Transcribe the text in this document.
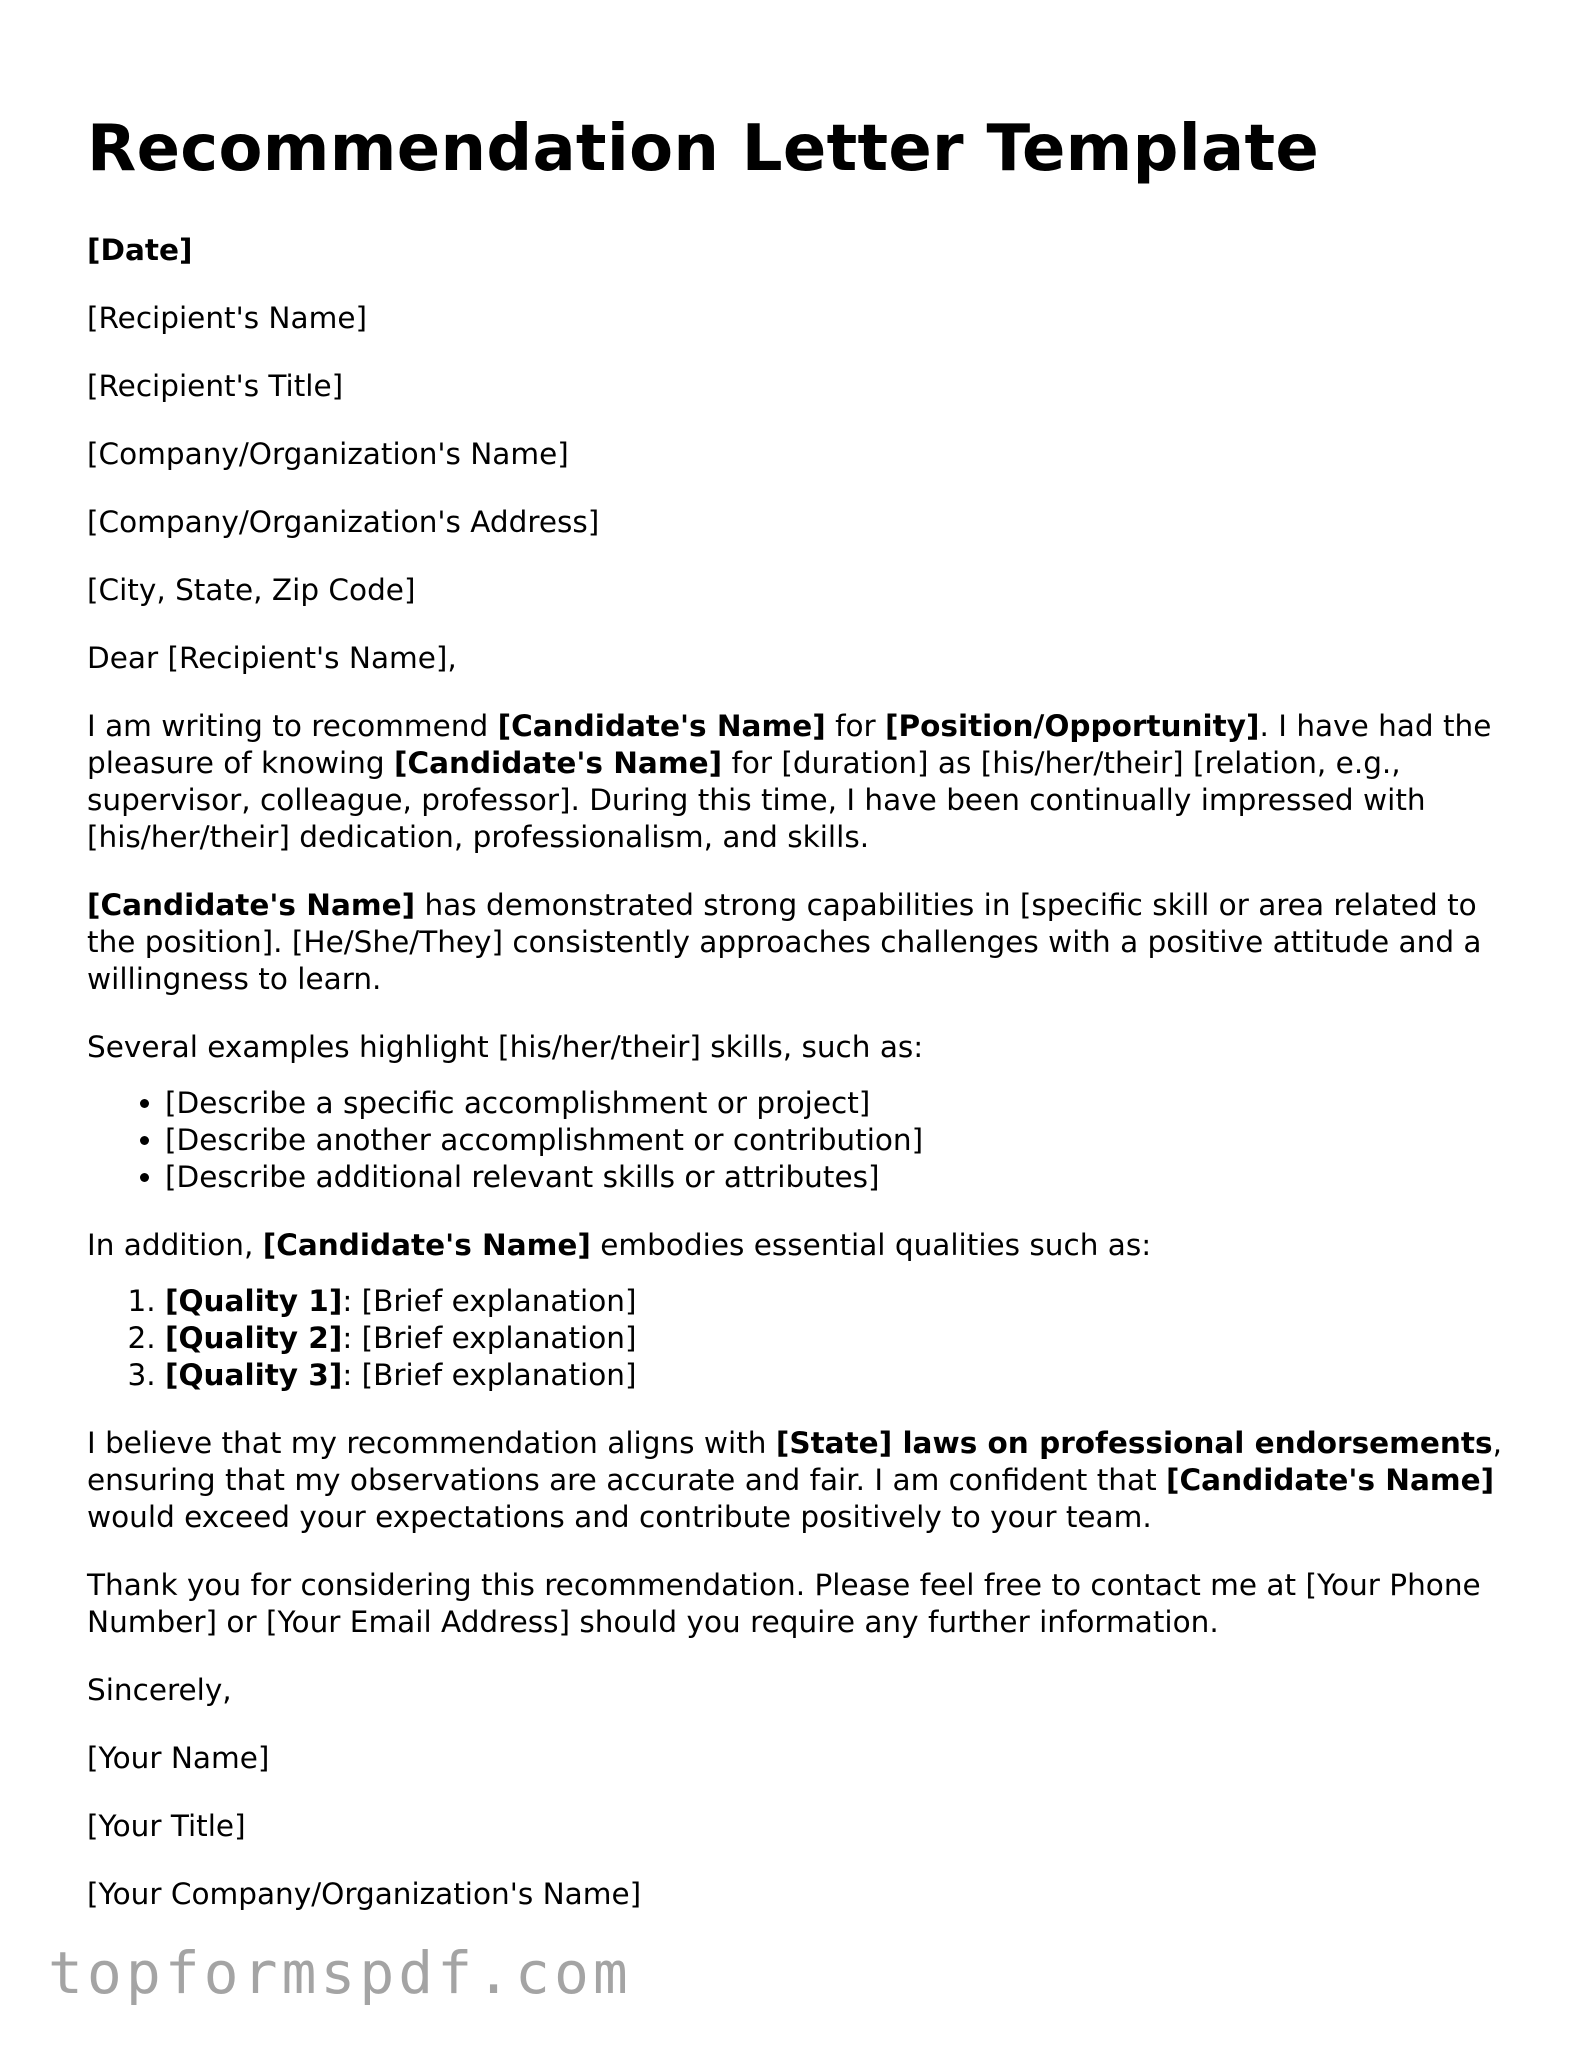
Recommendation Letter Template
[Date]
[Recipient's Name]
[Recipient's Title]
[Company/Organization's Name]
[Company/Organization's Address]
[City, State, Zip Code]
Dear [Recipient's Name],
I am writing to recommend [Candidate's Name] for [Position/Opportunity]. I have had the pleasure of knowing [Candidate's Name] for [duration] as [his/her/their] [relation, e.g., supervisor, colleague, professor]. During this time, I have been continually impressed with [his/her/their] dedication, professionalism, and skills.
[Candidate's Name] has demonstrated strong capabilities in [specific skill or area related to the position]. [He/She/They] consistently approaches challenges with a positive attitude and a willingness to learn.
Several examples highlight [his/her/their] skills, such as:
• [Describe a specific accomplishment or project]
• [Describe another accomplishment or contribution]
• [Describe additional relevant skills or attributes]
In addition, [Candidate's Name] embodies essential qualities such as:
1. [Quality 1]: [Brief explanation]
2. [Quality 2]: [Brief explanation]
3. [Quality 3]: [Brief explanation]
I believe that my recommendation aligns with [State] laws on professional endorsements, ensuring that my observations are accurate and fair. I am confident that [Candidate's Name] would exceed your expectations and contribute positively to your team.
Thank you for considering this recommendation. Please feel free to contact me at [Your Phone Number] or [Your Email Address] should you require any further information.
Sincerely,
[Your Name]
[Your Title]
[Your Company/Organization's Name]
topformspdf.com
